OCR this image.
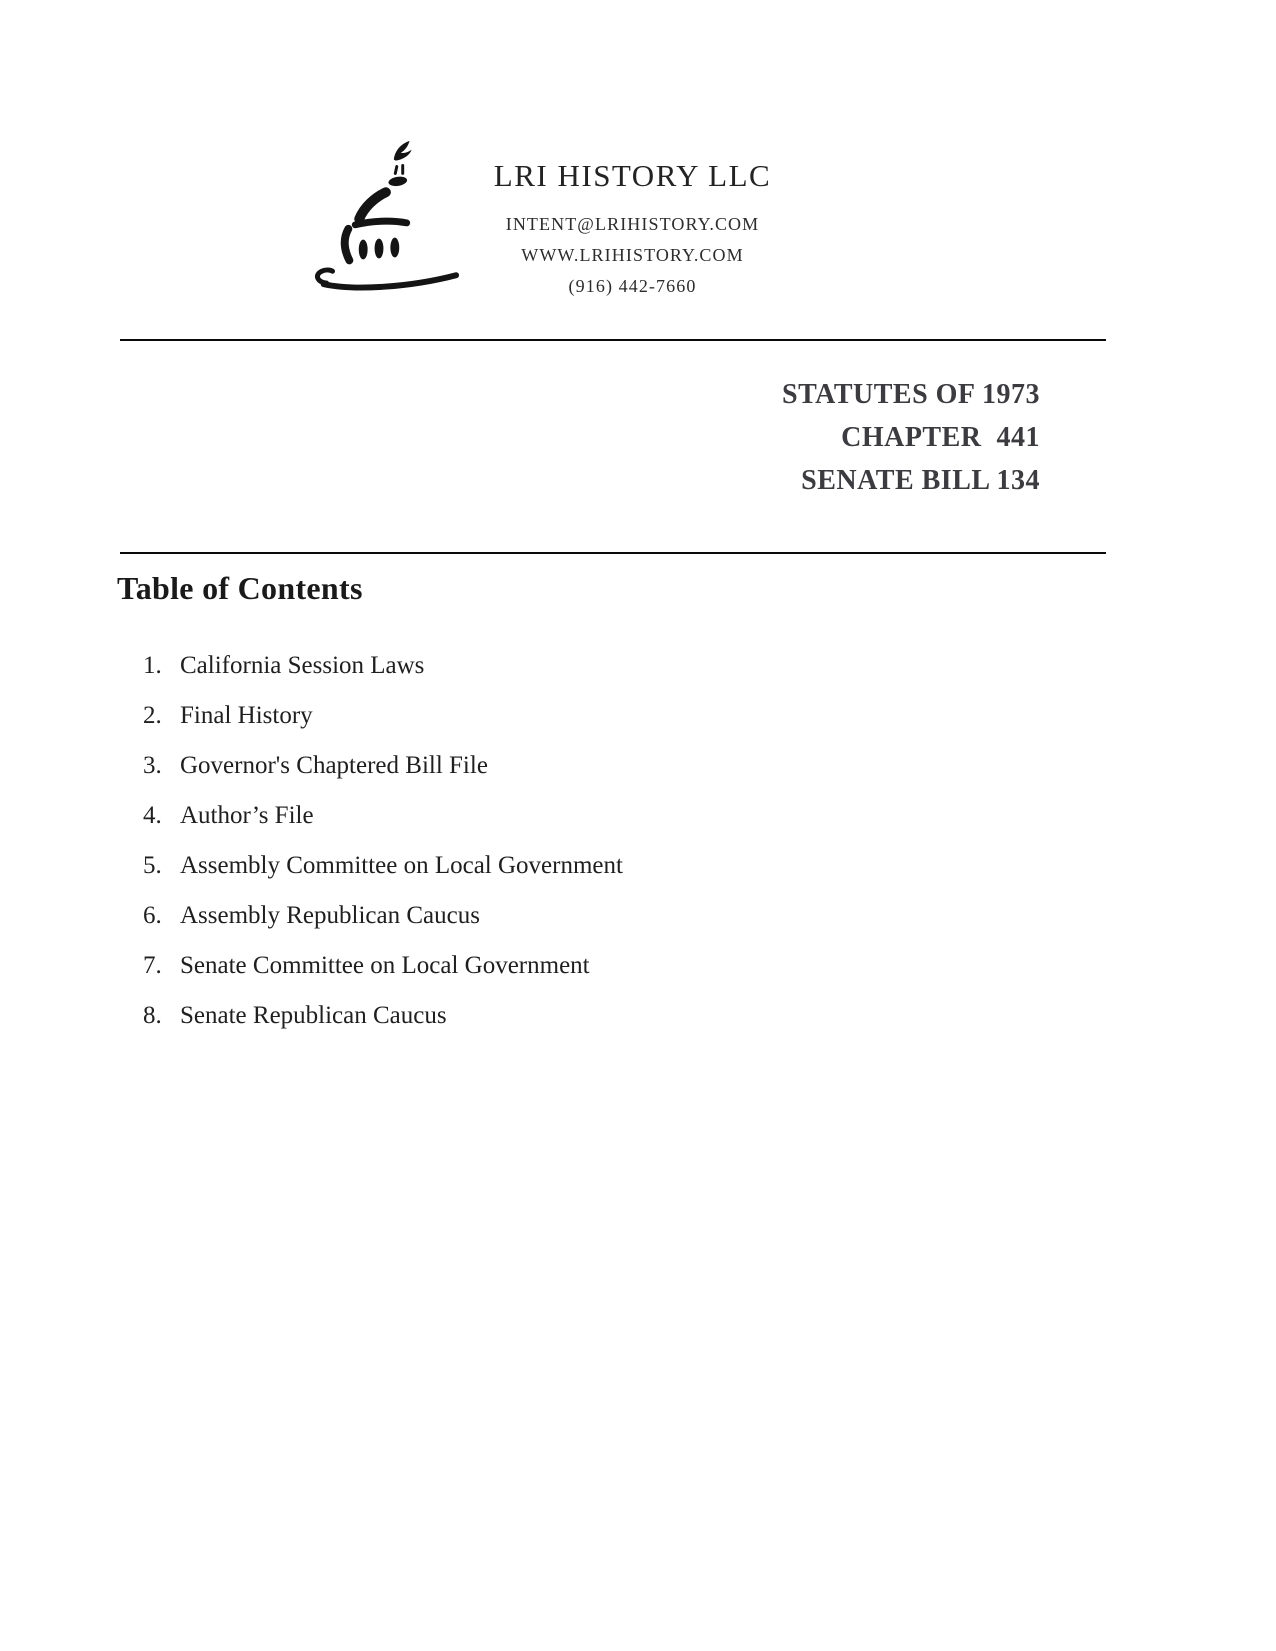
LRI HISTORY LLC
INTENT@LRIHISTORY.COM
WWW.LRIHISTORY.COM
(916) 442-7660
STATUTES OF 1973
CHAPTER  441
SENATE BILL 134
Table of Contents
1. California Session Laws
2. Final History
3. Governor's Chaptered Bill File
4. Author’s File
5. Assembly Committee on Local Government
6. Assembly Republican Caucus
7. Senate Committee on Local Government
8. Senate Republican Caucus
